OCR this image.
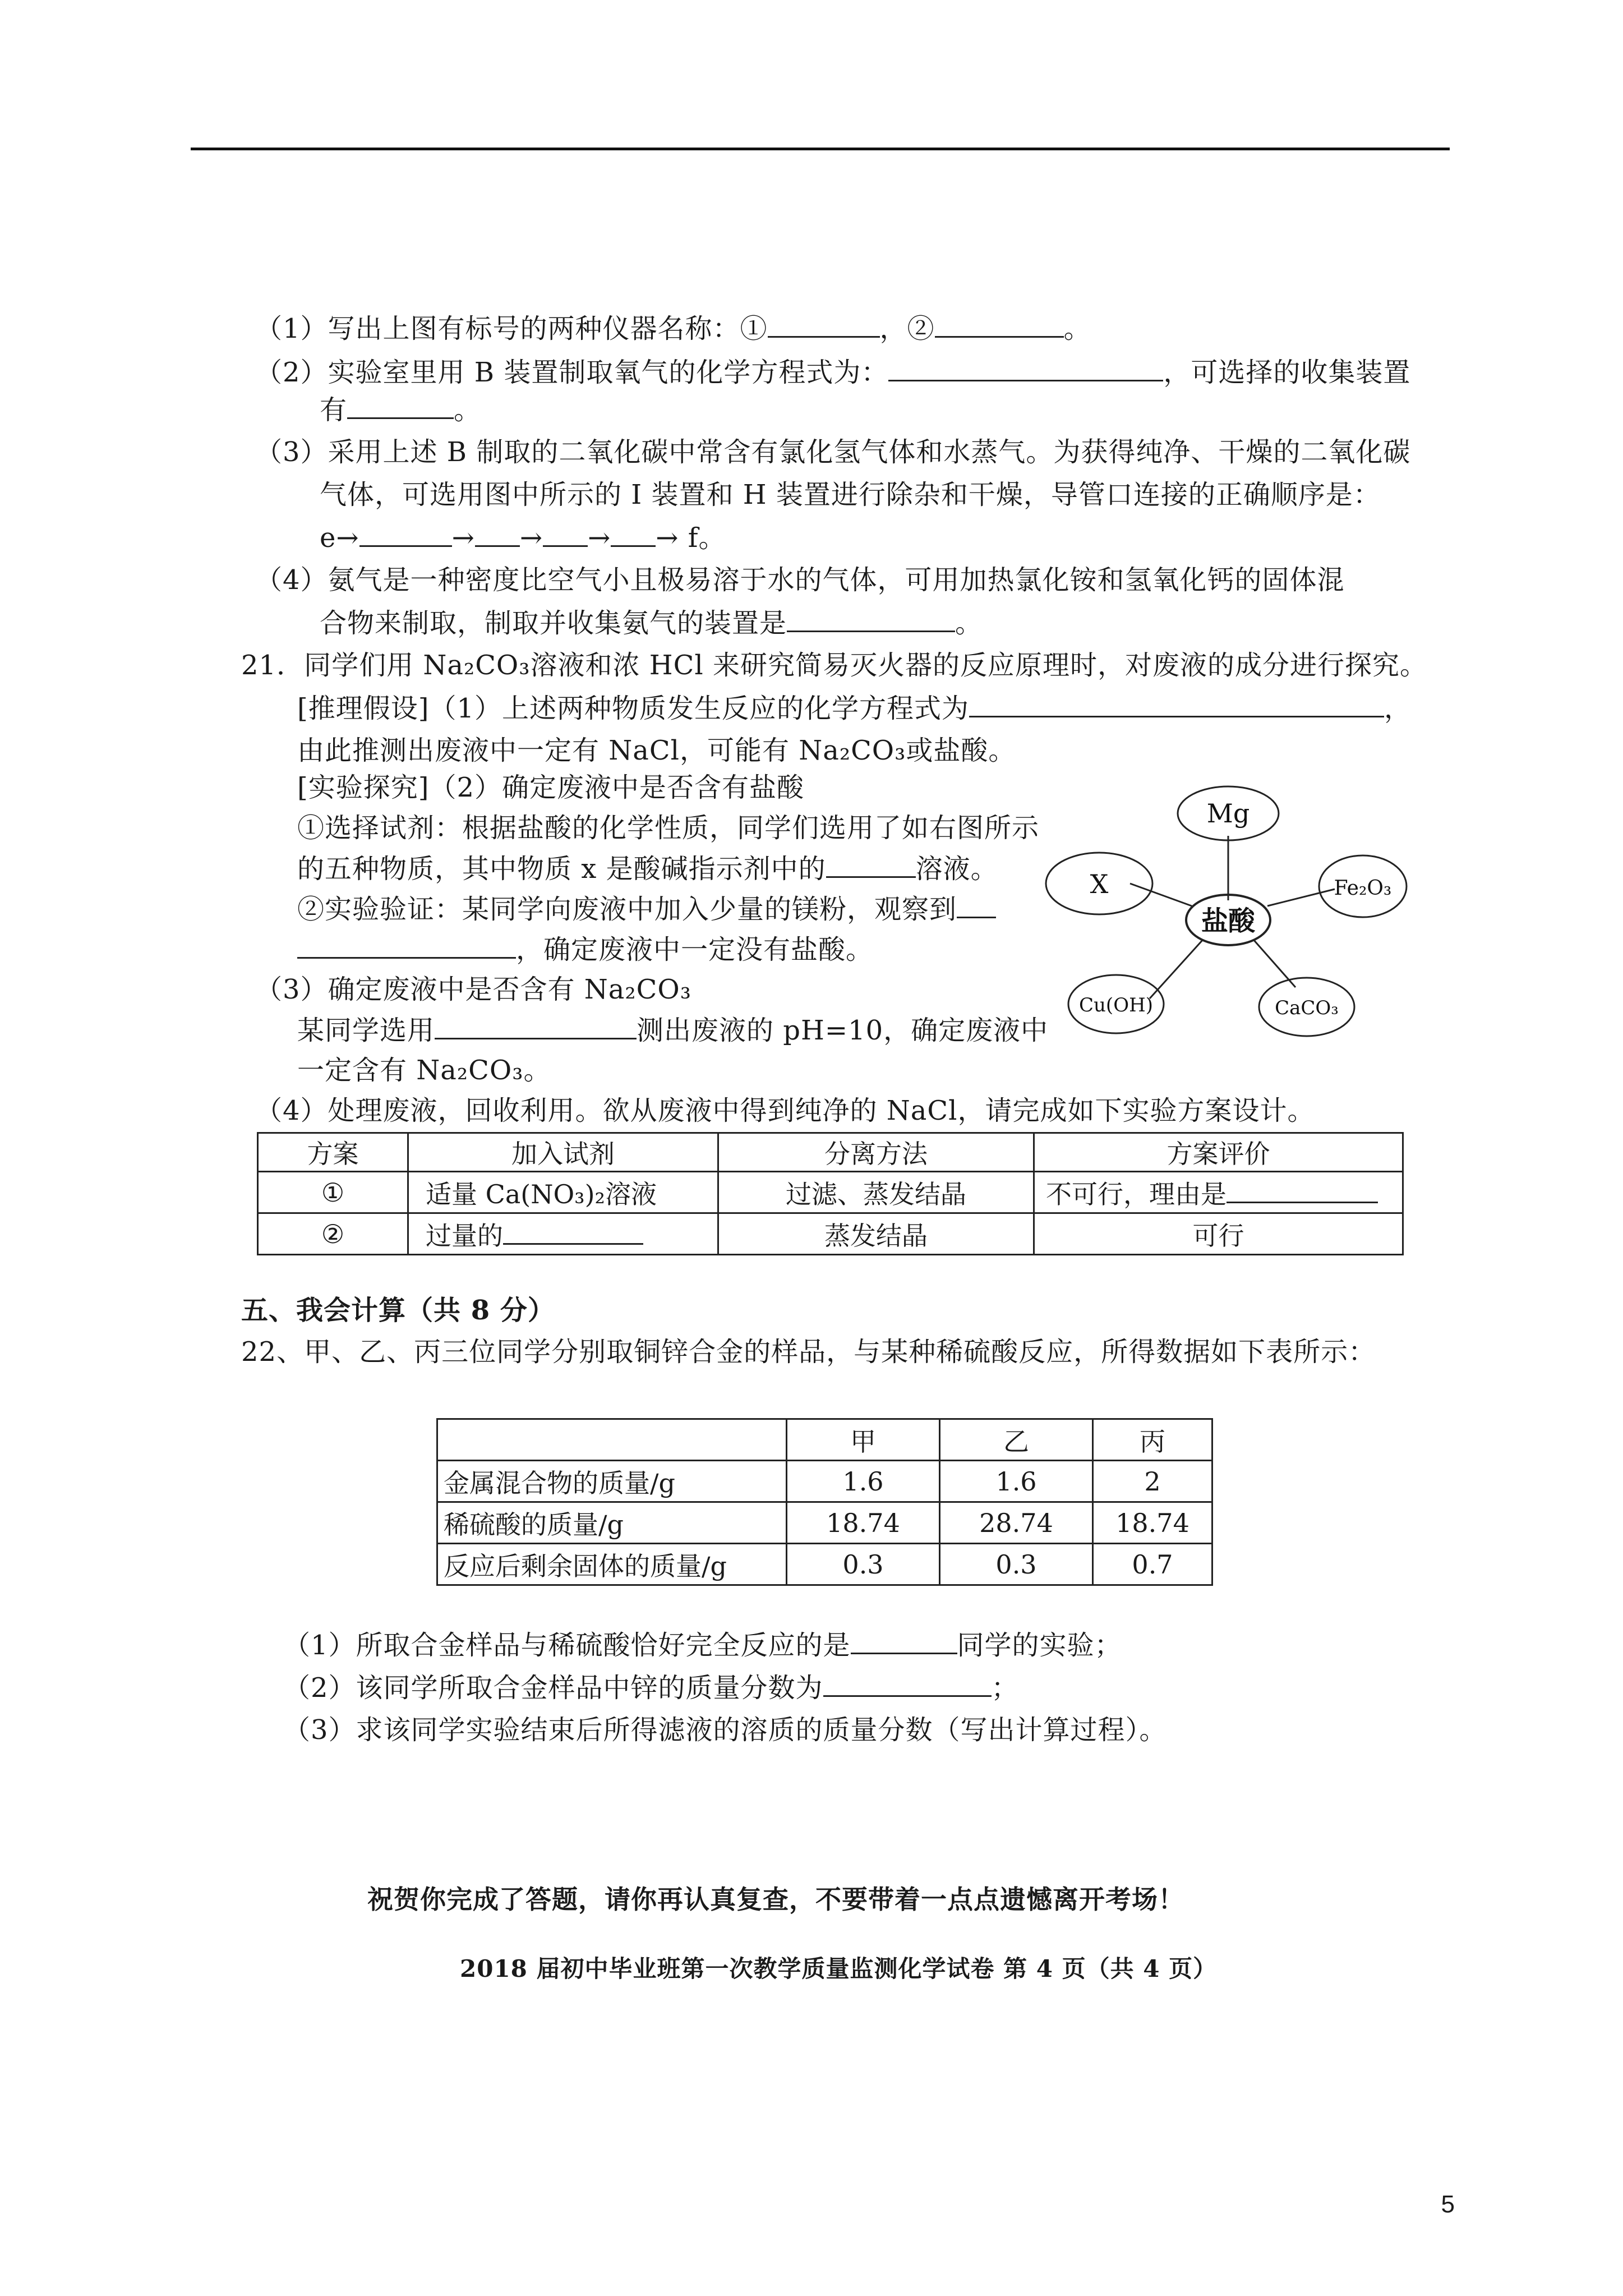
（1）写出上图有标号的两种仪器名称：①	，②	。
（2）实验室里用 B 装置制取氧气的化学方程式为：	，可选择的收集装置
有	。
（3）采用上述 B 制取的二氧化碳中常含有氯化氢气体和水蒸气。为获得纯净、干燥的二氧化碳
气体，可选用图中所示的 I 装置和 H 装置进行除杂和干燥，导管口连接的正确顺序是：
e→	→ → → → f。
（4）氨气是一种密度比空气小且极易溶于水的气体，可用加热氯化铵和氢氧化钙的固体混
合物来制取，制取并收集氨气的装置是	。
21．同学们用 Na₂CO₃溶液和浓 HCl 来研究简易灭火器的反应原理时，对废液的成分进行探究。
[推理假设]（1）上述两种物质发生反应的化学方程式为	，
由此推测出废液中一定有 NaCl，可能有 Na₂CO₃或盐酸。
[实验探究]（2）确定废液中是否含有盐酸
①选择试剂：根据盐酸的化学性质，同学们选用了如右图所示
的五种物质，其中物质 x 是酸碱指示剂中的	溶液。
②实验验证：某同学向废液中加入少量的镁粉，观察到
，确定废液中一定没有盐酸。
（3）确定废液中是否含有 Na₂CO₃
某同学选用	测出废液的 pH=10，确定废液中
一定含有 Na₂CO₃。
（4）处理废液，回收利用。欲从废液中得到纯净的 NaCl，请完成如下实验方案设计。
Mg
X	Fe₂O₃
Cu(OH)	CaCO₃
盐酸
方案	加入试剂	分离方法	方案评价
①	适量 Ca(NO₃)₂溶液	过滤、蒸发结晶	不可行，理由是
②	过量的	蒸发结晶	可行
五、我会计算（共 8 分）
22、甲、乙、丙三位同学分别取铜锌合金的样品，与某种稀硫酸反应，所得数据如下表所示：
	甲	乙	丙
金属混合物的质量/g	1.6	1.6	2
稀硫酸的质量/g	18.74	28.74	18.74
反应后剩余固体的质量/g	0.3	0.3	0.7
（1）所取合金样品与稀硫酸恰好完全反应的是	同学的实验；
（2）该同学所取合金样品中锌的质量分数为	；
（3）求该同学实验结束后所得滤液的溶质的质量分数（写出计算过程）。
祝贺你完成了答题，请你再认真复查，不要带着一点点遗憾离开考场！
2018 届初中毕业班第一次教学质量监测化学试卷 第 4 页（共 4 页）
5
